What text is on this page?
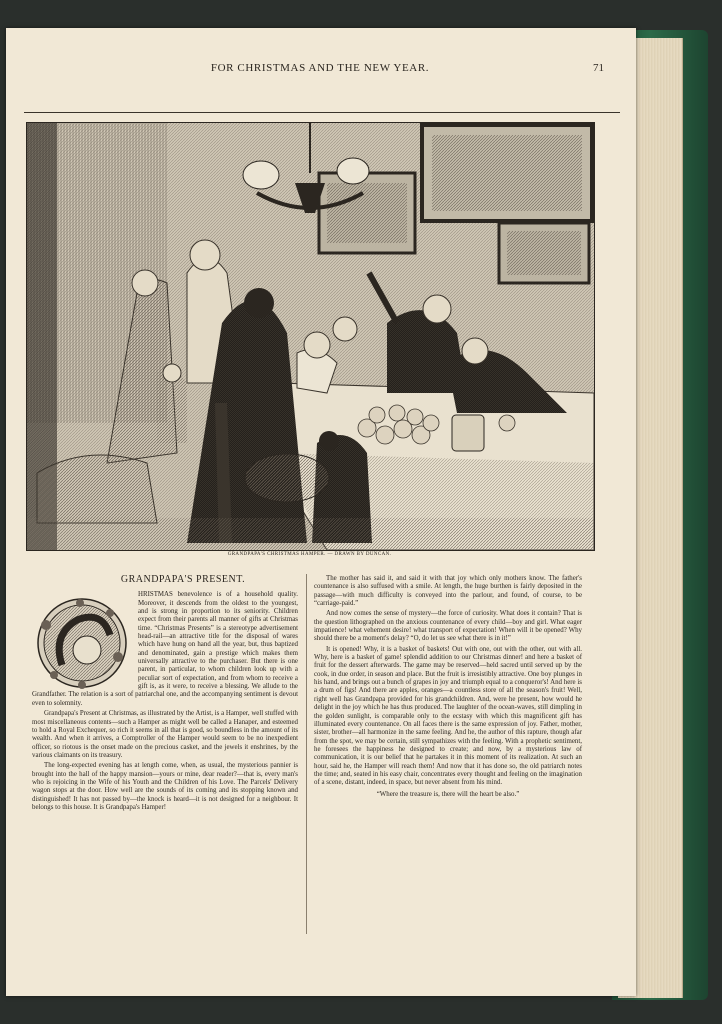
FOR CHRISTMAS AND THE NEW YEAR.	71
GRANDPAPA'S CHRISTMAS HAMPER. — DRAWN BY DUNCAN.
GRANDPAPA'S PRESENT.

HRISTMAS benevolence is of a household quality. Moreover, it descends from the oldest to the youngest, and is strong in proportion to its seniority. Children expect from their parents all manner of gifts at Christmas time. “Christmas Presents” is a stereotype advertisement head-rail—an attractive title for the disposal of wares which have hung on hand all the year, but, thus baptized and denominated, gain a prestige which makes them universally attractive to the purchaser. But there is one parent, in particular, to whom children look up with a peculiar sort of expectation, and from whom to receive a gift is, as it were, to receive a blessing. We allude to the Grandfather. The relation is a sort of patriarchal one, and the accompanying sentiment is devout even to solemnity.

Grandpapa's Present at Christmas, as illustrated by the Artist, is a Hamper, well stuffed with most miscellaneous contents—such a Hamper as might well be called a Hanaper, and esteemed to hold a Royal Exchequer, so rich it seems in all that is good, so boundless in the amount of its wealth. And when it arrives, a Comptroller of the Hamper would seem to be no inexpedient officer, so riotous is the onset made on the precious casket, and the jewels it enshrines, by the various claimants on its treasury.

The long-expected evening has at length come, when, as usual, the mysterious pannier is brought into the hall of the happy mansion—yours or mine, dear reader?—that is, every man's who is rejoicing in the Wife of his Youth and the Children of his Love. The Parcels' Delivery wagon stops at the door. How well are the sounds of its coming and its stopping known and distinguished! It has not passed by—the knock is heard—it is not designed for a neighbour. It belongs to this house. It is Grandpapa's Hamper!

The mother has said it, and said it with that joy which only mothers know. The father's countenance is also suffused with a smile. At length, the huge burthen is fairly deposited in the passage—with much difficulty is conveyed into the parlour, and found, of course, to be “carriage-paid.”

And now comes the sense of mystery—the force of curiosity. What does it contain? That is the question lithographed on the anxious countenance of every child—boy and girl. What eager impatience! what vehement desire! what transport of expectation! When will it be opened? Why should there be a moment's delay? “O, do let us see what there is in it!”

It is opened! Why, it is a basket of baskets! Out with one, out with the other, out with all. Why, here is a basket of game! splendid addition to our Christmas dinner! and here a basket of fruit for the dessert afterwards. The game may be reserved—held sacred until served up by the cook, in due order, in season and place. But the fruit is irresistibly attractive. One boy plunges in his hand, and brings out a bunch of grapes in joy and triumph equal to a conqueror's! And here is a drum of figs! And there are apples, oranges—a countless store of all the season's fruit! Well, right well has Grandpapa provided for his grandchildren. And, were he present, how would he delight in the joy which he has thus produced. The laughter of the ocean-waves, still dimpling in the golden sunlight, is comparable only to the ecstasy with which this magnificent gift has illuminated every countenance. On all faces there is the same expression of joy. Father, mother, sister, brother—all harmonize in the same feeling. And he, the author of this rapture, though afar from the spot, we may be certain, still sympathizes with the feeling. With a prophetic sentiment, he foresees the happiness he designed to create; and now, by a mysterious law of communication, it is our belief that he partakes it in this moment of its realization. At such an hour, said he, the Hamper will reach them! And now that it has done so, the old patriarch notes the time; and, seated in his easy chair, concentrates every thought and feeling on the imagination of a scene, distant, indeed, in space, but never absent from his mind.

“Where the treasure is, there will the heart be also.”
